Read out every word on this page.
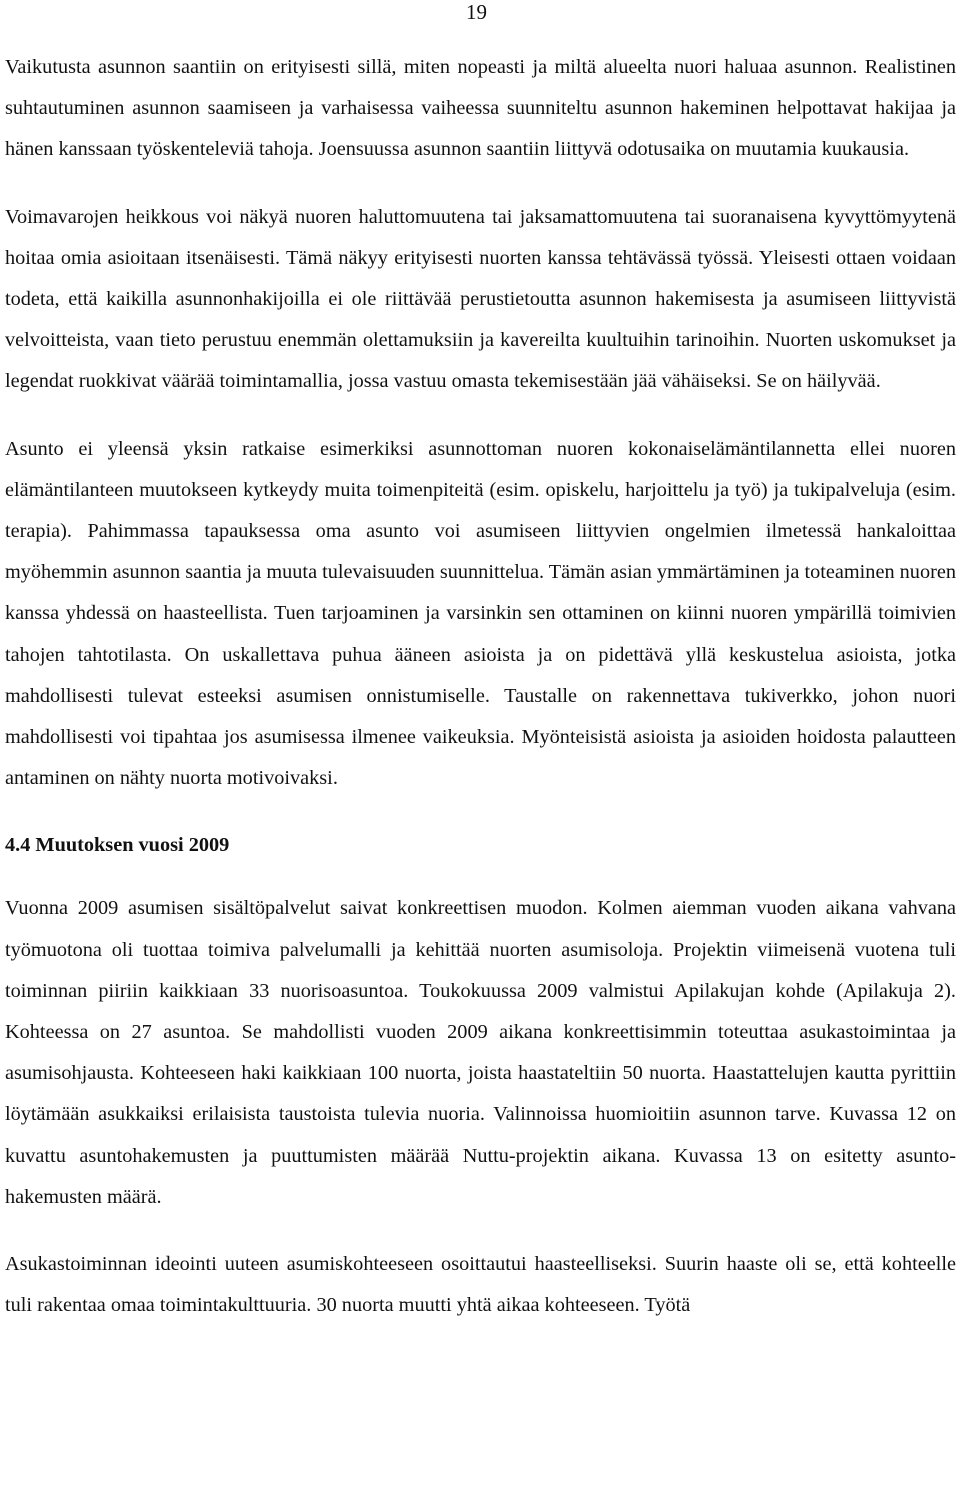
19

Vaikutusta asunnon saantiin on erityisesti sillä, miten nopeasti ja miltä alueelta nuori haluaa asunnon. Realistinen suhtautuminen asunnon saamiseen ja varhaisessa vaiheessa suunniteltu asunnon hakeminen helpottavat hakijaa ja hänen kanssaan työskenteleviä tahoja. Joensuussa asunnon saantiin liittyvä odotusaika on muutamia kuukausia.

Voimavarojen heikkous voi näkyä nuoren haluttomuutena tai jaksamattomuutena tai suoranaisena kyvyttömyytenä hoitaa omia asioitaan itsenäisesti. Tämä näkyy erityisesti nuorten kanssa tehtävässä työssä. Yleisesti ottaen voidaan todeta, että kaikilla asunnonhakijoilla ei ole riittävää perustietoutta asunnon hakemisesta ja asumiseen liittyvistä velvoitteista, vaan tieto perustuu enemmän olettamuksiin ja kavereilta kuultuihin tarinoihin. Nuorten uskomukset ja legendat ruokkivat väärää toimintamallia, jossa vastuu omasta tekemisestään jää vähäiseksi. Se on häilyvää.

Asunto ei yleensä yksin ratkaise esimerkiksi asunnottoman nuoren kokonaiselämäntilannetta ellei nuoren elämäntilanteen muutokseen kytkeydy muita toimenpiteitä (esim. opiskelu, harjoittelu ja työ) ja tukipalveluja (esim. terapia). Pahimmassa tapauksessa oma asunto voi asumiseen liittyvien ongelmien ilmetessä hankaloittaa myöhemmin asunnon saantia ja muuta tulevaisuuden suunnittelua. Tämän asian ymmärtäminen ja toteaminen nuoren kanssa yhdessä on haasteellista. Tuen tarjoaminen ja varsinkin sen ottaminen on kiinni nuoren ympärillä toimivien tahojen tahtotilasta. On uskallettava puhua ääneen asioista ja on pidettävä yllä keskustelua asioista, jotka mahdollisesti tulevat esteeksi asumisen onnistumiselle. Taustalle on rakennettava tukiverkko, johon nuori mahdollisesti voi tipahtaa jos asumisessa ilmenee vaikeuksia. Myönteisistä asioista ja asioiden hoidosta palautteen antaminen on nähty nuorta motivoivaksi.

4.4 Muutoksen vuosi 2009

Vuonna 2009 asumisen sisältöpalvelut saivat konkreettisen muodon. Kolmen aiemman vuoden aikana vahvana työmuotona oli tuottaa toimiva palvelumalli ja kehittää nuorten asumisoloja. Projektin viimeisenä vuotena tuli toiminnan piiriin kaikkiaan 33 nuorisoasuntoa. Toukokuussa 2009 valmistui Apilakujan kohde (Apilakuja 2). Kohteessa on 27 asuntoa. Se mahdollisti vuoden 2009 aikana konkreettisimmin toteuttaa asukastoimintaa ja asumisohjausta. Kohteeseen haki kaikkiaan 100 nuorta, joista haastateltiin 50 nuorta. Haastattelujen kautta pyrittiin löytämään asukkaiksi erilaisista taustoista tulevia nuoria. Valinnoissa huomioitiin asunnon tarve. Kuvassa 12 on kuvattu asuntohakemusten ja puuttumisten määrää Nuttu-projektin aikana. Kuvassa 13 on esitetty asunto-hakemusten määrä.

Asukastoiminnan ideointi uuteen asumiskohteeseen osoittautui haasteelliseksi. Suurin haaste oli se, että kohteelle tuli rakentaa omaa toimintakulttuuria. 30 nuorta muutti yhtä aikaa kohteeseen. Työtä
